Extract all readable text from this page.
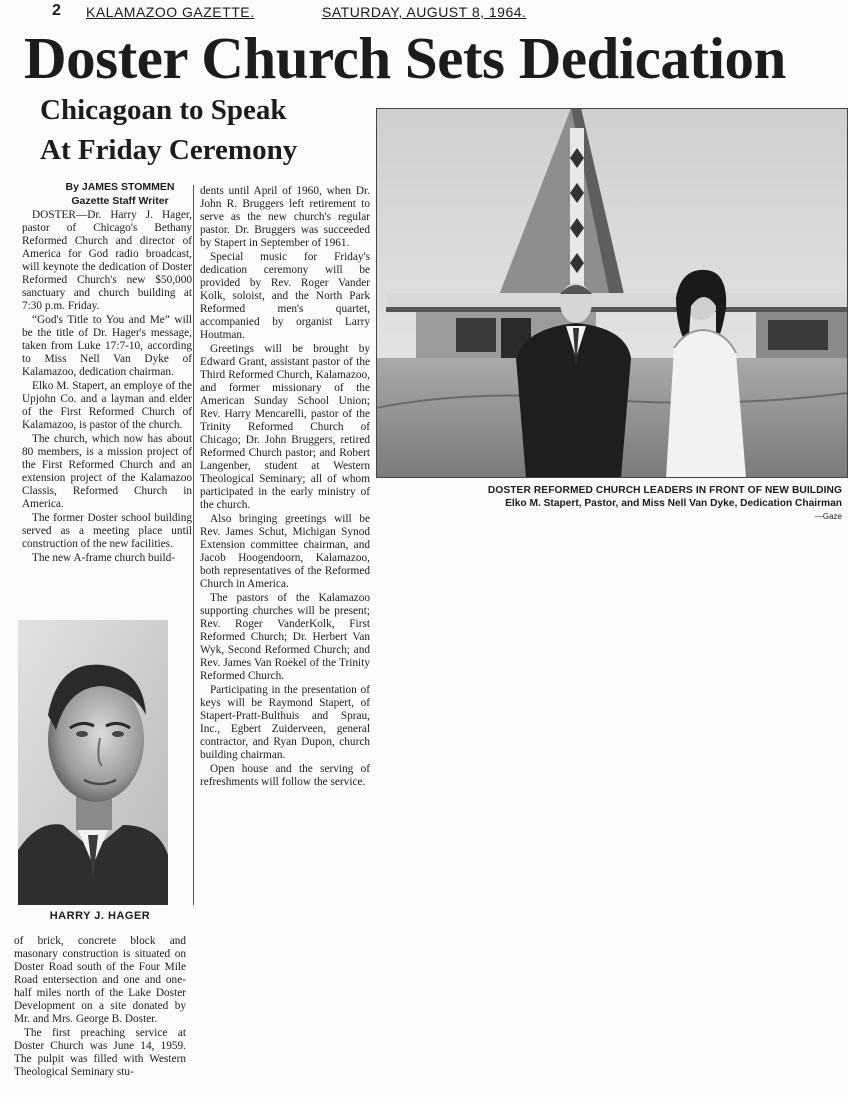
2 KALAMAZOO GAZETTE.	SATURDAY, AUGUST 8, 1964.
Doster Church Sets Dedication
Chicagoan to Speak
At Friday Ceremony
By JAMES STOMMEN
Gazette Staff Writer

DOSTER—Dr. Harry J. Hager, pastor of Chicago's Bethany Reformed Church and director of America for God radio broadcast, will keynote the dedication of Doster Reformed Church's new $50,000 sanctuary and church building at 7:30 p.m. Friday.

“God's Title to You and Me” will be the title of Dr. Hager's message, taken from Luke 17:7-10, according to Miss Nell Van Dyke of Kalamazoo, dedication chairman.

Elko M. Stapert, an employe of the Upjohn Co. and a layman and elder of the First Reformed Church of Kalamazoo, is pastor of the church.

The church, which now has about 80 members, is a mission project of the First Reformed Church and an extension project of the Kalamazoo Classis, Reformed Church in America.

The former Doster school building served as a meeting place until construction of the new facilities.

The new A-frame church build-

HARRY J. HAGER

dents until April of 1960, when Dr. John R. Bruggers left retirement to serve as the new church's regular pastor. Dr. Bruggers was succeeded by Stapert in September of 1961.

Special music for Friday's dedication ceremony will be provided by Rev. Roger Vander Kolk, soloist, and the North Park Reformed men's quartet, accompanied by organist Larry Houtman.

Greetings will be brought by Edward Grant, assistant pastor of the Third Reformed Church, Kalamazoo, and former missionary of the American Sunday School Union; Rev. Harry Mencarelli, pastor of the Trinity Reformed Church of Chicago; Dr. John Bruggers, retired Reformed Church pastor; and Robert Langenber, student at Western Theological Seminary; all of whom participated in the early ministry of the church.

Also bringing greetings will be Rev. James Schut, Michigan Synod Extension committee chairman, and Jacob Hoogendoorn, Kalamazoo, both representatives of the Reformed Church in America.

The pastors of the Kalamazoo supporting churches will be present; Rev. Roger VanderKolk, First Reformed Church; Dr. Herbert Van Wyk, Second Reformed Church; and Rev. James Van Roekel of the Trinity Reformed Church.

Participating in the presentation of keys will be Raymond Stapert, of Stapert-Pratt-Bulthuis and Sprau, Inc., Egbert Zuiderveen, general contractor, and Ryan Dupon, church building chairman.

Open house and the serving of refreshments will follow the service.

of brick, concrete block and masonary construction is situated on Doster Road south of the Four Mile Road entersection and one and one-half miles north of the Lake Doster Development on a site donated by Mr. and Mrs. George B. Doster.

The first preaching service at Doster Church was June 14, 1959. The pulpit was filled with Western Theological Seminary stu-

DOSTER REFORMED CHURCH LEADERS IN FRONT OF NEW BUILDING
Elko M. Stapert, Pastor, and Miss Nell Van Dyke, Dedication Chairman
—Gaze
